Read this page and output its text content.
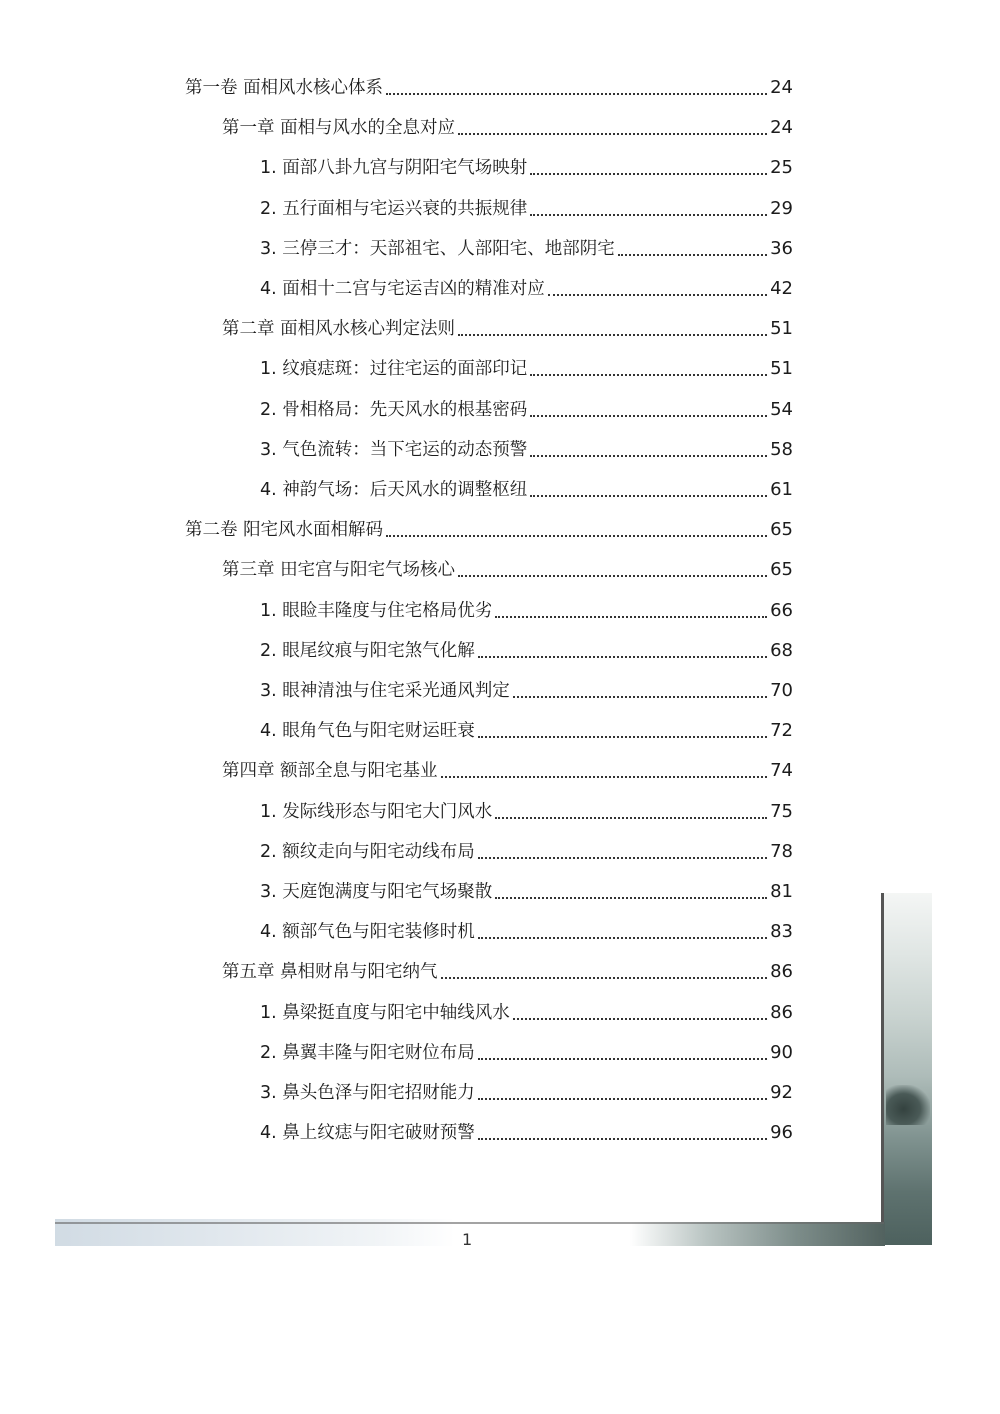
第一卷 面相风水核心体系	24
第一章 面相与风水的全息对应	24
1. 面部八卦九宫与阴阳宅气场映射	25
2. 五行面相与宅运兴衰的共振规律	29
3. 三停三才：天部祖宅、人部阳宅、地部阴宅	36
4. 面相十二宫与宅运吉凶的精准对应	42
第二章 面相风水核心判定法则	51
1. 纹痕痣斑：过往宅运的面部印记	51
2. 骨相格局：先天风水的根基密码	54
3. 气色流转：当下宅运的动态预警	58
4. 神韵气场：后天风水的调整枢纽	61
第二卷 阳宅风水面相解码	65
第三章 田宅宫与阳宅气场核心	65
1. 眼睑丰隆度与住宅格局优劣	66
2. 眼尾纹痕与阳宅煞气化解	68
3. 眼神清浊与住宅采光通风判定	70
4. 眼角气色与阳宅财运旺衰	72
第四章 额部全息与阳宅基业	74
1. 发际线形态与阳宅大门风水	75
2. 额纹走向与阳宅动线布局	78
3. 天庭饱满度与阳宅气场聚散	81
4. 额部气色与阳宅装修时机	83
第五章 鼻相财帛与阳宅纳气	86
1. 鼻梁挺直度与阳宅中轴线风水	86
2. 鼻翼丰隆与阳宅财位布局	90
3. 鼻头色泽与阳宅招财能力	92
4. 鼻上纹痣与阳宅破财预警	96
1
